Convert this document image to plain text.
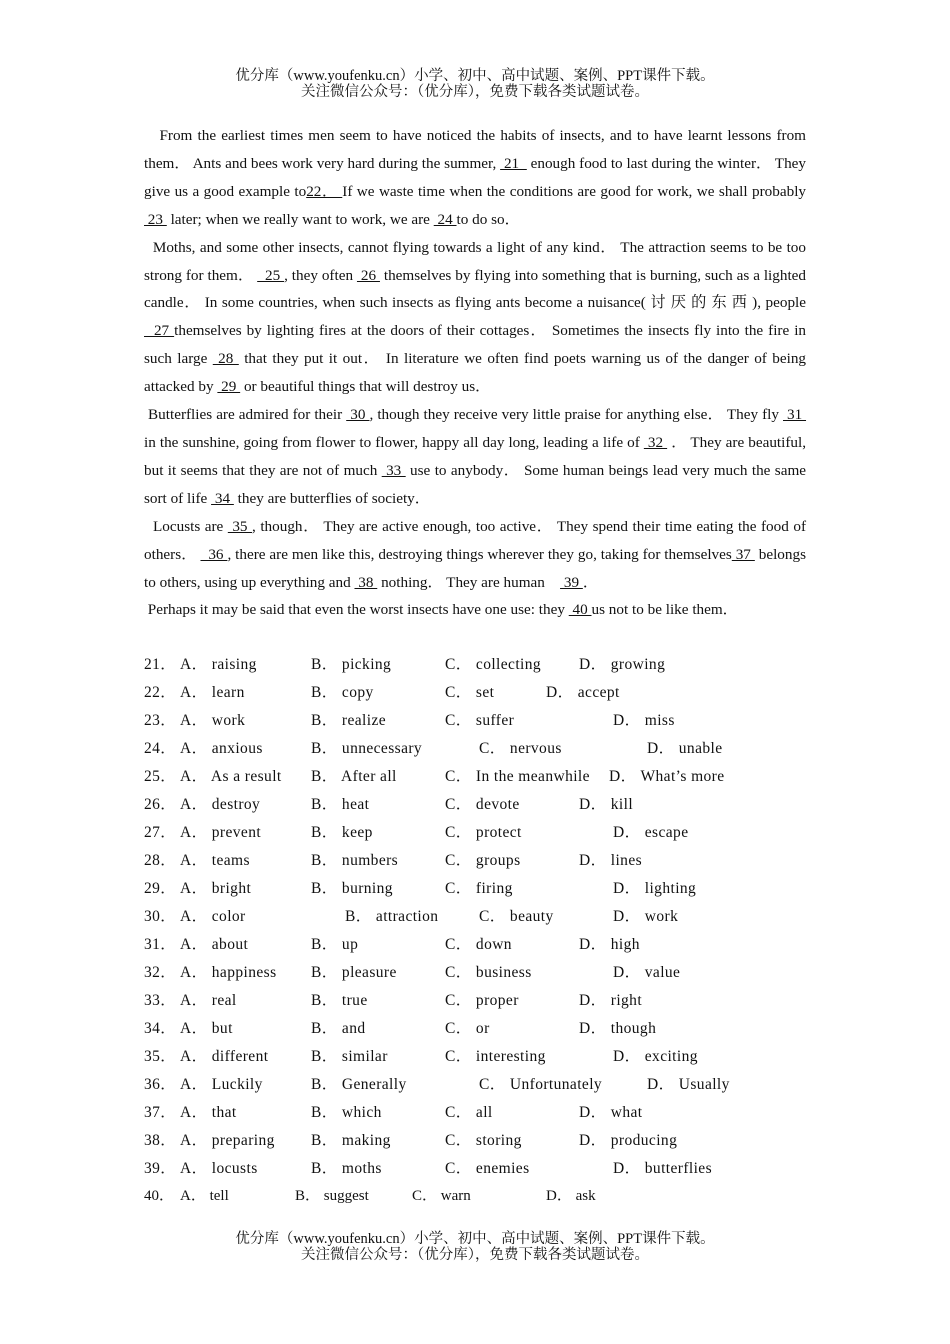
优分库（www.youfenku.cn）小学、初中、高中试题、案例、PPT课件下载。
关注微信公众号：（优分库），免费下载各类试题试卷。

From the earliest times men seem to have noticed the habits of insects, and to have learnt lessons from them． Ants and bees work very hard during the summer,  21   enough food to last during the winter． They give us a good example to22． If we waste time when the conditions are good for work, we shall probably  23  later; when we really want to work, we are  24 to do so．

Moths, and some other insects, cannot flying towards a light of any kind． The attraction seems to be too strong for them．   25 , they often  26  themselves by flying into something that is burning, such as a lighted candle． In some countries, when such insects as flying ants become a nuisance( 讨 厌 的 东 西 ), people   27 themselves by lighting fires at the doors of their cottages． Sometimes the insects fly into the fire in such large  28  that they put it out． In literature we often find poets warning us of the danger of being attacked by  29  or beautiful things that will destroy us．

Butterflies are admired for their  30 , though they receive very little praise for anything else． They fly  31  in the sunshine, going from flower to flower, happy all day long, leading a life of  32  ． They are beautiful, but it seems that they are not of much  33  use to anybody． Some human beings lead very much the same sort of life  34  they are butterflies of society．

Locusts are  35 , though． They are active enough, too active． They spend their time eating the food of others．   36 , there are men like this, destroying things wherever they go, taking for themselves 37  belongs to others, using up everything and  38  nothing． They are human     39 ．

Perhaps it may be said that even the worst insects have one use: they  40 us not to be like them．

21． A． raising	B． picking	C． collecting D． growing
22． A． learn	B． copy	C． set	D． accept
23． A． work	B． realize	C． suffer	D． miss
24． A． anxious	B． unnecessary	C． nervous	D． unable
25． A． As a result B． After all	C． In the meanwhile D． What’s more
26． A． destroy	B． heat	C． devote	D． kill
27． A． prevent	B． keep	C． protect	D． escape
28． A． teams	B． numbers	C． groups	D． lines
29． A． bright	B． burning	C． firing	D． lighting
30． A． color	B． attraction	C． beauty	D． work
31． A． about	B． up	C． down	D． high
32． A． happiness B． pleasure	C． business	D． value
33． A． real	B． true	C． proper	D． right
34． A． but	B． and	C． or	D． though
35． A． different	B． similar	C． interesting	D． exciting
36． A． Luckily	B． Generally	C． Unfortunately	D． Usually
37． A． that	B． which	C． all	D． what
38． A． preparing B． making	C． storing	D． producing
39． A． locusts	B． moths	C． enemies	D． butterflies
40． A． tell	B． suggest	C． warn	D． ask
优分库（www.youfenku.cn）小学、初中、高中试题、案例、PPT课件下载。
关注微信公众号：（优分库），免费下载各类试题试卷。
